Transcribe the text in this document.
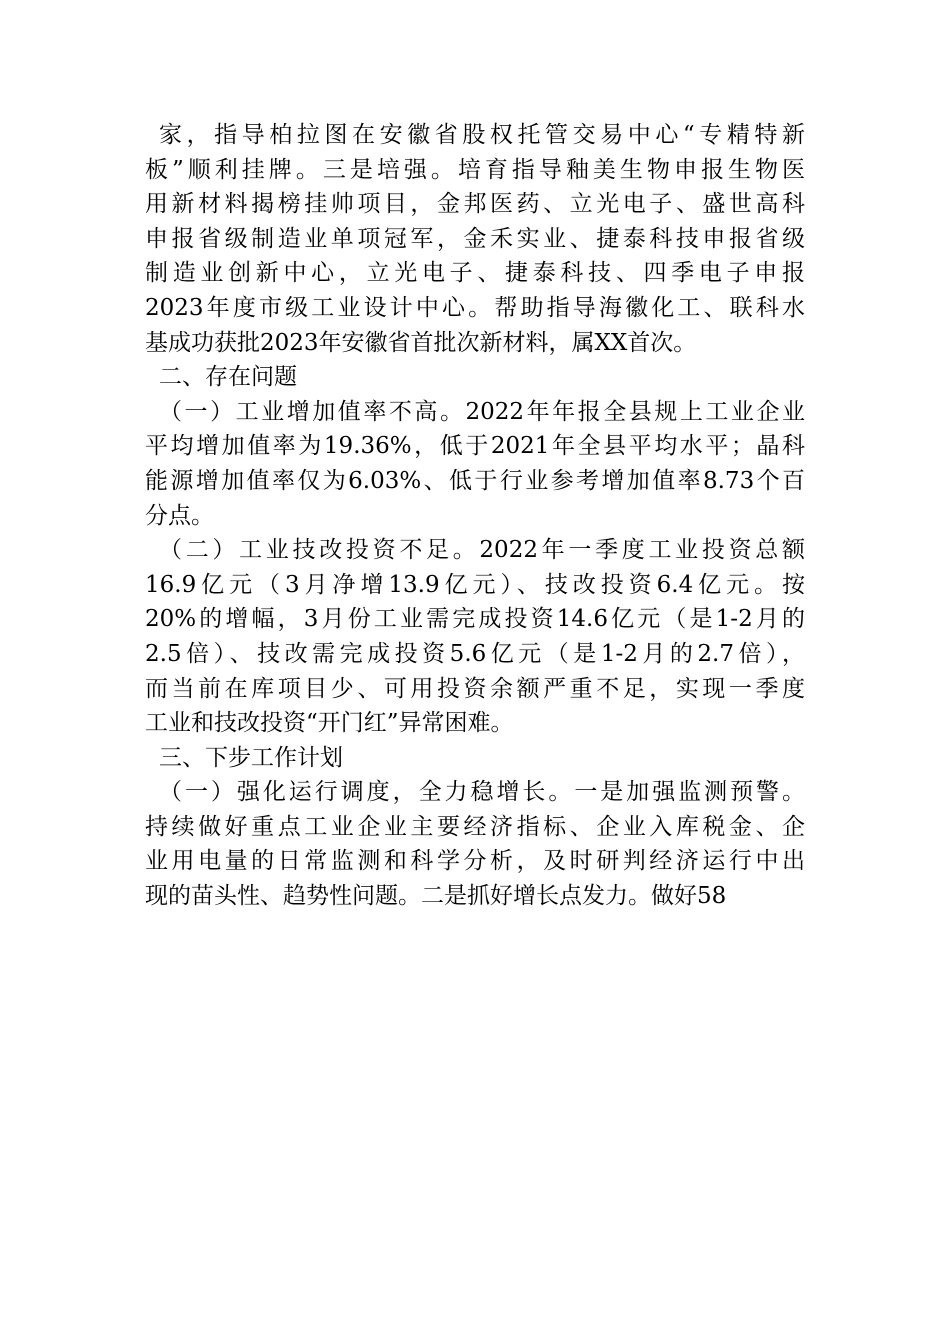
家，指导柏拉图在安徽省股权托管交易中心“专精特新
板”顺利挂牌。三是培强。培育指导釉美生物申报生物医
用新材料揭榜挂帅项目，金邦医药、立光电子、盛世高科
申报省级制造业单项冠军，金禾实业、捷泰科技申报省级
制造业创新中心，立光电子、捷泰科技、四季电子申报
2023年度市级工业设计中心。帮助指导海徽化工、联科水
基成功获批2023年安徽省首批次新材料，属XX首次。
二、存在问题
（一）工业增加值率不高。2022年年报全县规上工业企业
平均增加值率为19.36%，低于2021年全县平均水平；晶科
能源增加值率仅为6.03%、低于行业参考增加值率8.73个百
分点。
（二）工业技改投资不足。2022年一季度工业投资总额
16.9亿元（3月净增13.9亿元）、技改投资6.4亿元。按
20%的增幅，3月份工业需完成投资14.6亿元（是1-2月的
2.5倍）、技改需完成投资5.6亿元（是1-2月的2.7倍），
而当前在库项目少、可用投资余额严重不足，实现一季度
工业和技改投资“开门红”异常困难。
三、下步工作计划
（一）强化运行调度，全力稳增长。一是加强监测预警。
持续做好重点工业企业主要经济指标、企业入库税金、企
业用电量的日常监测和科学分析，及时研判经济运行中出
现的苗头性、趋势性问题。二是抓好增长点发力。做好58
